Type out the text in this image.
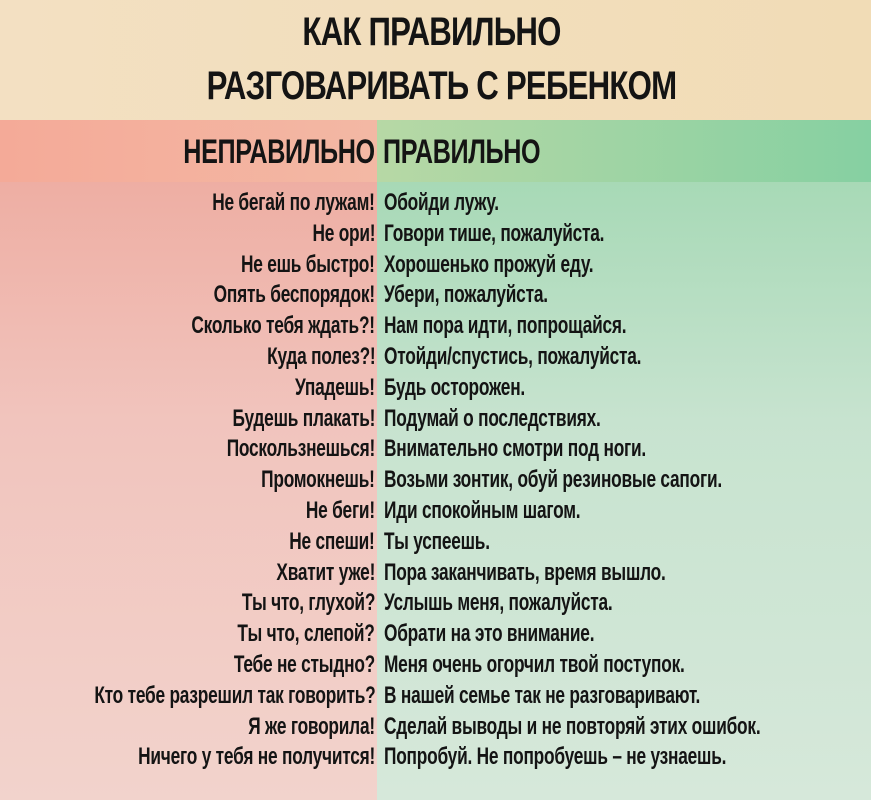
КАК ПРАВИЛЬНО
РАЗГОВАРИВАТЬ С РЕБЕНКОМ
НЕПРАВИЛЬНО ПРАВИЛЬНО
Не бегай по лужам! Обойди лужу.
Не ори! Говори тише, пожалуйста.
Не ешь быстро! Хорошенько прожуй еду.
Опять беспорядок! Убери, пожалуйста.
Сколько тебя ждать?! Нам пора идти, попрощайся.
Куда полез?! Отойди/спустись, пожалуйста.
Упадешь! Будь осторожен.
Будешь плакать! Подумай о последствиях.
Поскользнешься! Внимательно смотри под ноги.
Промокнешь! Возьми зонтик, обуй резиновые сапоги.
Не беги! Иди спокойным шагом.
Не спеши! Ты успеешь.
Хватит уже! Пора заканчивать, время вышло.
Ты что, глухой? Услышь меня, пожалуйста.
Ты что, слепой? Обрати на это внимание.
Тебе не стыдно? Меня очень огорчил твой поступок.
Кто тебе разрешил так говорить? В нашей семье так не разговаривают.
Я же говорила! Сделай выводы и не повторяй этих ошибок.
Ничего у тебя не получится! Попробуй. Не попробуешь – не узнаешь.
